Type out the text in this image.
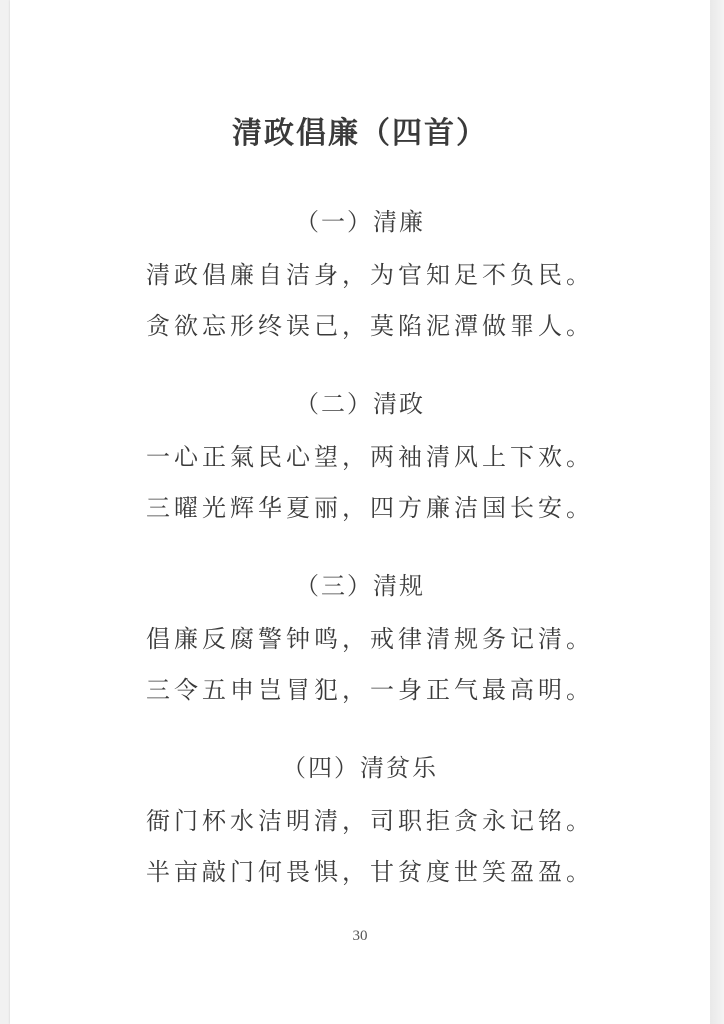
清政倡廉（四首）
（一）清廉
清政倡廉自洁身，为官知足不负民。
贪欲忘形终误己，莫陷泥潭做罪人。
（二）清政
一心正氣民心望，两袖清风上下欢。
三曜光辉华夏丽，四方廉洁国长安。
（三）清规
倡廉反腐警钟鸣，戒律清规务记清。
三令五申岂冒犯，一身正气最高明。
（四）清贫乐
衙门杯水洁明清，司职拒贪永记铭。
半亩敲门何畏惧，甘贫度世笑盈盈。
30
